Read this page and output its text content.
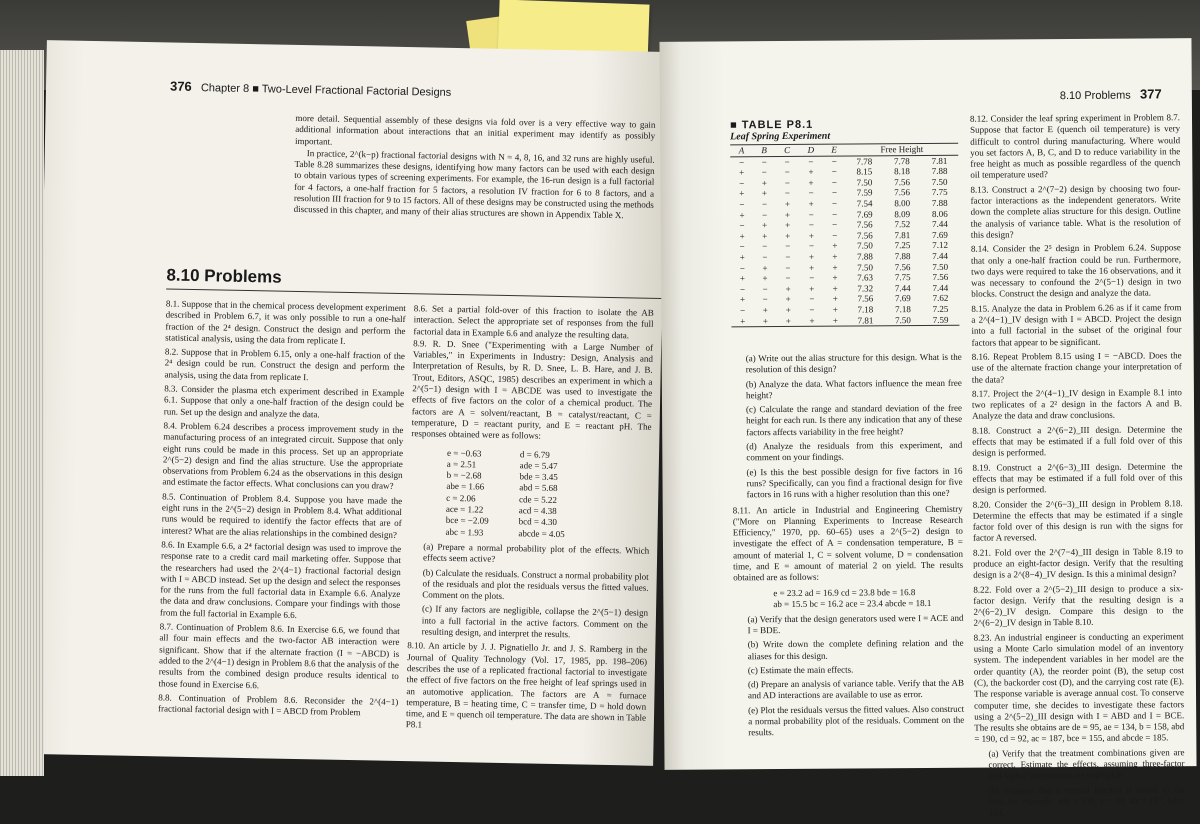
376 Chapter 8 ■ Two-Level Fractional Factorial Designs

more detail. Sequential assembly of these designs via fold over is a very effective way to gain additional information about interactions that an initial experiment may identify as possibly important.

In practice, 2^(k−p) fractional factorial designs with N = 4, 8, 16, and 32 runs are highly useful. Table 8.28 summarizes these designs, identifying how many factors can be used with each design to obtain various types of screening experiments. For example, the 16-run design is a full factorial for 4 factors, a one-half fraction for 5 factors, a resolution IV fraction for 6 to 8 factors, and a resolution III fraction for 9 to 15 factors. All of these designs may be constructed using the methods discussed in this chapter, and many of their alias structures are shown in Appendix Table X.

8.10 Problems

8.1. Suppose that in the chemical process development experiment described in Problem 6.7, it was only possible to run a one-half fraction of the 2⁴ design. Construct the design and perform the statistical analysis, using the data from replicate I.

8.2. Suppose that in Problem 6.15, only a one-half fraction of the 2⁴ design could be run. Construct the design and perform the analysis, using the data from replicate I.

8.3. Consider the plasma etch experiment described in Example 6.1. Suppose that only a one-half fraction of the design could be run. Set up the design and analyze the data.

8.4. Problem 6.24 describes a process improvement study in the manufacturing process of an integrated circuit. Suppose that only eight runs could be made in this process. Set up an appropriate 2^(5−2) design and find the alias structure. Use the appropriate observations from Problem 6.24 as the observations in this design and estimate the factor effects. What conclusions can you draw?

8.5. Continuation of Problem 8.4. Suppose you have made the eight runs in the 2^(5−2) design in Problem 8.4. What additional runs would be required to identify the factor effects that are of interest? What are the alias relationships in the combined design?

8.6. In Example 6.6, a 2⁴ factorial design was used to improve the response rate to a credit card mail marketing offer. Suppose that the researchers had used the 2^(4−1) fractional factorial design with I = ABCD instead. Set up the design and select the responses for the runs from the full factorial data in Example 6.6. Analyze the data and draw conclusions. Compare your findings with those from the full factorial in Example 6.6.

8.7. Continuation of Problem 8.6. In Exercise 6.6, we found that all four main effects and the two-factor AB interaction were significant. Show that if the alternate fraction (I = −ABCD) is added to the 2^(4−1) design in Problem 8.6 that the analysis of the results from the combined design produce results identical to those found in Exercise 6.6.

8.8. Continuation of Problem 8.6. Reconsider the 2^(4−1) fractional factorial design with I = ABCD from Problem

8.6. Set a partial fold-over of this fraction to isolate the AB interaction. Select the appropriate set of responses from the full factorial data in Example 6.6 and analyze the resulting data.

8.9. R. D. Snee ("Experimenting with a Large Number of Variables," in Experiments in Industry: Design, Analysis and Interpretation of Results, by R. D. Snee, L. B. Hare, and J. B. Trout, Editors, ASQC, 1985) describes an experiment in which a 2^(5−1) design with I = ABCDE was used to investigate the effects of five factors on the color of a chemical product. The factors are A = solvent/reactant, B = catalyst/reactant, C = temperature, D = reactant purity, and E = reactant pH. The responses obtained were as follows:

e = −0.63
a = 2.51
b = −2.68
abe = 1.66
c = 2.06
ace = 1.22
bce = −2.09
abc = 1.93
d = 6.79
ade = 5.47
bde = 3.45
abd = 5.68
cde = 5.22
acd = 4.38
bcd = 4.30
abcde = 4.05

(a) Prepare a normal probability plot of the effects. Which effects seem active?

(b) Calculate the residuals. Construct a normal probability plot of the residuals and plot the residuals versus the fitted values. Comment on the plots.

(c) If any factors are negligible, collapse the 2^(5−1) design into a full factorial in the active factors. Comment on the resulting design, and interpret the results.

8.10. An article by J. J. Pignatiello Jr. and J. S. Ramberg in the Journal of Quality Technology (Vol. 17, 1985, pp. 198–206) describes the use of a replicated fractional factorial to investigate the effect of five factors on the free height of leaf springs used in an automotive application. The factors are A = furnace temperature, B = heating time, C = transfer time, D = hold down time, and E = quench oil temperature. The data are shown in Table P8.1

8.10 Problems 377
■ TABLE P8.1
Leaf Spring Experiment
A	B	C	D	E	Free Height		

−	−	−	−	−	7.78	7.78	7.81
+	−	−	+	−	8.15	8.18	7.88
−	+	−	+	−	7.50	7.56	7.50
+	+	−	−	−	7.59	7.56	7.75
−	−	+	+	−	7.54	8.00	7.88
+	−	+	−	−	7.69	8.09	8.06
−	+	+	−	−	7.56	7.52	7.44
+	+	+	+	−	7.56	7.81	7.69
−	−	−	−	+	7.50	7.25	7.12
+	−	−	+	+	7.88	7.88	7.44
−	+	−	+	+	7.50	7.56	7.50
+	+	−	−	+	7.63	7.75	7.56
−	−	+	+	+	7.32	7.44	7.44
+	−	+	−	+	7.56	7.69	7.62
−	+	+	−	+	7.18	7.18	7.25
+	+	+	+	+	7.81	7.50	7.59

(a) Write out the alias structure for this design. What is the resolution of this design?

(b) Analyze the data. What factors influence the mean free height?

(c) Calculate the range and standard deviation of the free height for each run. Is there any indication that any of these factors affects variability in the free height?

(d) Analyze the residuals from this experiment, and comment on your findings.

(e) Is this the best possible design for five factors in 16 runs? Specifically, can you find a fractional design for five factors in 16 runs with a higher resolution than this one?

8.11. An article in Industrial and Engineering Chemistry ("More on Planning Experiments to Increase Research Efficiency," 1970, pp. 60–65) uses a 2^(5−2) design to investigate the effect of A = condensation temperature, B = amount of material 1, C = solvent volume, D = condensation time, and E = amount of material 2 on yield. The results obtained are as follows:

e = 23.2 ad = 16.9 cd = 23.8 bde = 16.8
ab = 15.5 bc = 16.2 ace = 23.4 abcde = 18.1

(a) Verify that the design generators used were I = ACE and I = BDE.

(b) Write down the complete defining relation and the aliases for this design.

(c) Estimate the main effects.

(d) Prepare an analysis of variance table. Verify that the AB and AD interactions are available to use as error.

(e) Plot the residuals versus the fitted values. Also construct a normal probability plot of the residuals. Comment on the results.

8.12. Consider the leaf spring experiment in Problem 8.7. Suppose that factor E (quench oil temperature) is very difficult to control during manufacturing. Where would you set factors A, B, C, and D to reduce variability in the free height as much as possible regardless of the quench oil temperature used?

8.13. Construct a 2^(7−2) design by choosing two four-factor interactions as the independent generators. Write down the complete alias structure for this design. Outline the analysis of variance table. What is the resolution of this design?

8.14. Consider the 2⁵ design in Problem 6.24. Suppose that only a one-half fraction could be run. Furthermore, two days were required to take the 16 observations, and it was necessary to confound the 2^(5−1) design in two blocks. Construct the design and analyze the data.

8.15. Analyze the data in Problem 6.26 as if it came from a 2^(4−1)_IV design with I = ABCD. Project the design into a full factorial in the subset of the original four factors that appear to be significant.

8.16. Repeat Problem 8.15 using I = −ABCD. Does the use of the alternate fraction change your interpretation of the data?

8.17. Project the 2^(4−1)_IV design in Example 8.1 into two replicates of a 2² design in the factors A and B. Analyze the data and draw conclusions.

8.18. Construct a 2^(6−2)_III design. Determine the effects that may be estimated if a full fold over of this design is performed.

8.19. Construct a 2^(6−3)_III design. Determine the effects that may be estimated if a full fold over of this design is performed.

8.20. Consider the 2^(6−3)_III design in Problem 8.18. Determine the effects that may be estimated if a single factor fold over of this design is run with the signs for factor A reversed.

8.21. Fold over the 2^(7−4)_III design in Table 8.19 to produce an eight-factor design. Verify that the resulting design is a 2^(8−4)_IV design. Is this a minimal design?

8.22. Fold over a 2^(5−2)_III design to produce a six-factor design. Verify that the resulting design is a 2^(6−2)_IV design. Compare this design to the 2^(6−2)_IV design in Table 8.10.

8.23. An industrial engineer is conducting an experiment using a Monte Carlo simulation model of an inventory system. The independent variables in her model are the order quantity (A), the reorder point (B), the setup cost (C), the backorder cost (D), and the carrying cost rate (E). The response variable is average annual cost. To conserve computer time, she decides to investigate these factors using a 2^(5−2)_III design with I = ABD and I = BCE. The results she obtains are de = 95, ae = 134, b = 158, abd = 190, cd = 92, ac = 187, bce = 155, and abcde = 185.

(a) Verify that the treatment combinations given are correct. Estimate the effects, assuming three-factor and higher interactions are negligible.

(b) Suppose that a second fraction is added to the first, for example, ade = 136, e = 93, ab = 187, bd = 153,
